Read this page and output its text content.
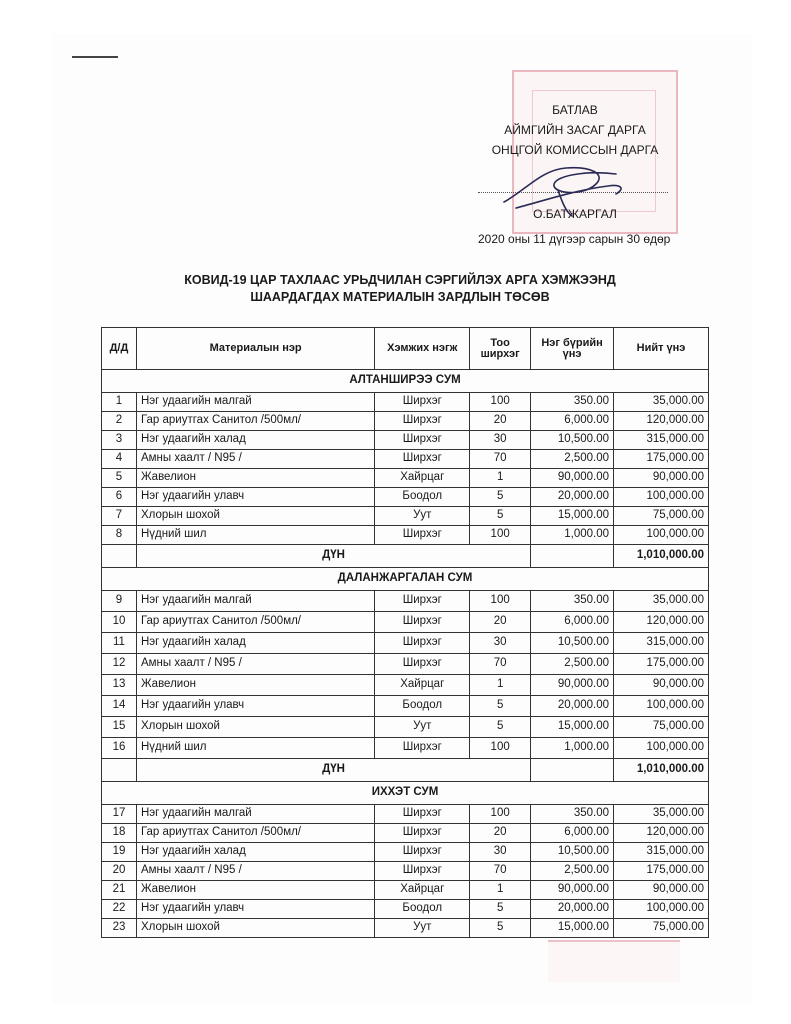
БАТЛАВ
АЙМГИЙН ЗАСАГ ДАРГА
ОНЦГОЙ КОМИССЫН ДАРГА
О.БАТЖАРГАЛ
2020 оны 11 дүгээр сарын 30 өдөр
КОВИД-19 ЦАР ТАХЛААС УРЬДЧИЛАН СЭРГИЙЛЭХ АРГА ХЭМЖЭЭНД
ШААРДАГДАХ МАТЕРИАЛЫН ЗАРДЛЫН ТӨСӨВ
Д/Д	Материалын нэр	Хэмжих нэгж	Тоо ширхэг	Нэг бүрийн үнэ	Нийт үнэ
АЛТАНШИРЭЭ СУМ					
1	Нэг удаагийн малгай	Ширхэг	100	350.00	35,000.00
2	Гар ариутгах Санитол /500мл/	Ширхэг	20	6,000.00	120,000.00
3	Нэг удаагийн халад	Ширхэг	30	10,500.00	315,000.00
4	Амны хаалт / N95 /	Ширхэг	70	2,500.00	175,000.00
5	Жавелион	Хайрцаг	1	90,000.00	90,000.00
6	Нэг удаагийн улавч	Боодол	5	20,000.00	100,000.00
7	Хлорын шохой	Уут	5	15,000.00	75,000.00
8	Нүдний шил	Ширхэг	100	1,000.00	100,000.00
	ДҮН				1,010,000.00
ДАЛАНЖАРГАЛАН СУМ					
9	Нэг удаагийн малгай	Ширхэг	100	350.00	35,000.00
10	Гар ариутгах Санитол /500мл/	Ширхэг	20	6,000.00	120,000.00
11	Нэг удаагийн халад	Ширхэг	30	10,500.00	315,000.00
12	Амны хаалт / N95 /	Ширхэг	70	2,500.00	175,000.00
13	Жавелион	Хайрцаг	1	90,000.00	90,000.00
14	Нэг удаагийн улавч	Боодол	5	20,000.00	100,000.00
15	Хлорын шохой	Уут	5	15,000.00	75,000.00
16	Нүдний шил	Ширхэг	100	1,000.00	100,000.00
	ДҮН				1,010,000.00
ИХХЭТ СУМ					
17	Нэг удаагийн малгай	Ширхэг	100	350.00	35,000.00
18	Гар ариутгах Санитол /500мл/	Ширхэг	20	6,000.00	120,000.00
19	Нэг удаагийн халад	Ширхэг	30	10,500.00	315,000.00
20	Амны хаалт / N95 /	Ширхэг	70	2,500.00	175,000.00
21	Жавелион	Хайрцаг	1	90,000.00	90,000.00
22	Нэг удаагийн улавч	Боодол	5	20,000.00	100,000.00
23	Хлорын шохой	Уут	5	15,000.00	75,000.00
